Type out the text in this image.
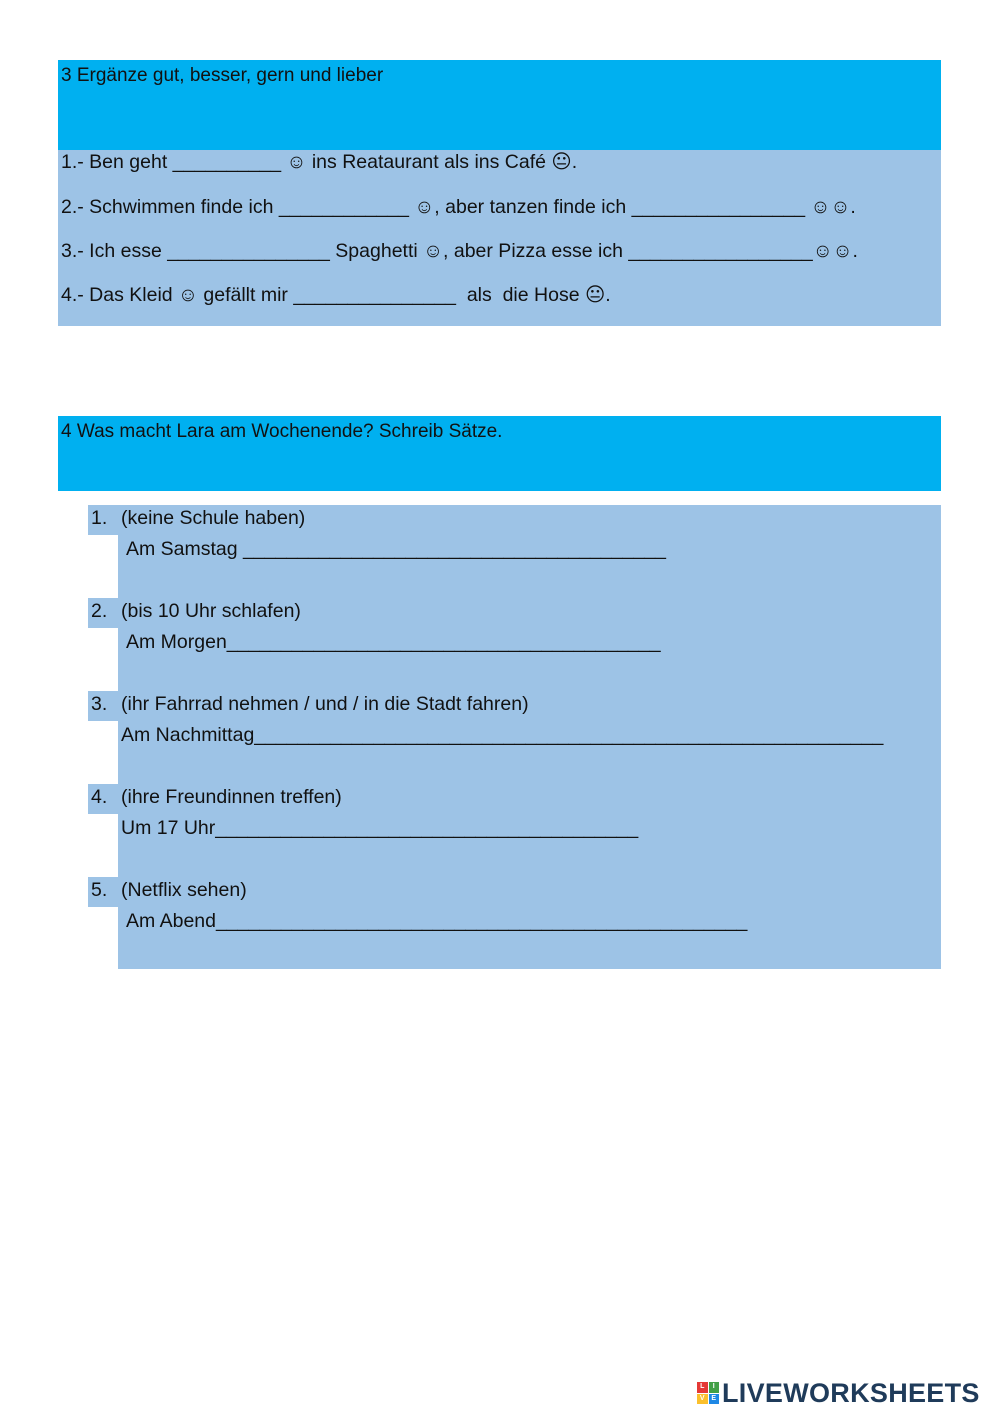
3 Ergänze gut, besser, gern und lieber
1.- Ben geht __________ ☺ ins Reataurant als ins Café 😐.
2.- Schwimmen finde ich ____________ ☺, aber tanzen finde ich ________________ ☺☺.
3.- Ich esse _______________ Spaghetti ☺, aber Pizza esse ich _________________☺☺.
4.- Das Kleid ☺ gefällt mir _______________  als  die Hose 😐.
4 Was macht Lara am Wochenende? Schreib Sätze.
1. (keine Schule haben)
Am Samstag _______________________________________
2. (bis 10 Uhr schlafen)
Am Morgen________________________________________
3. (ihr Fahrrad nehmen / und / in die Stadt fahren)
Am Nachmittag__________________________________________________________
4. (ihre Freundinnen treffen)
Um 17 Uhr_______________________________________
5. (Netflix sehen)
Am Abend_________________________________________________
L	I
V E LIVEWORKSHEETS
